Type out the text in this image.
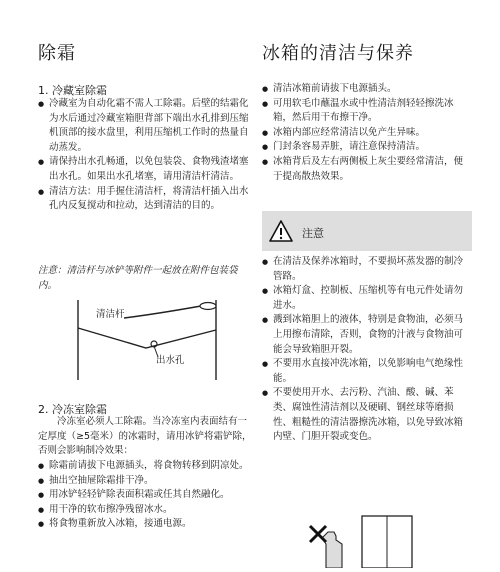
除霜
1. 冷藏室除霜
● 冷藏室为自动化霜不需人工除霜。后壁的结霜化为水后通过冷藏室箱胆背部下端出水孔排到压缩机顶部的接水盘里，利用压缩机工作时的热量自动蒸发。
● 请保持出水孔畅通，以免包装袋、食物残渣堵塞出水孔。如果出水孔堵塞，请用清洁杆清洁。
● 清洁方法：用手握住清洁杆，将清洁杆插入出水孔内反复搅动和拉动，达到清洁的目的。
注意：清洁杆与冰铲等附件一起放在附件包装袋内。
清洁杆
出水孔
2. 冷冻室除霜
冷冻室必须人工除霜。当冷冻室内表面结有一定厚度（≥5毫米）的冰霜时，请用冰铲将霜铲除，否则会影响制冷效果：
● 除霜前请拔下电源插头，将食物转移到阴凉处。
● 抽出空抽屉除霜排干净。
● 用冰铲轻轻铲除表面积霜或任其自然融化。
● 用干净的软布擦净残留冰水。
● 将食物重新放入冰箱，接通电源。
冰箱的清洁与保养
● 清洁冰箱前请拔下电源插头。
● 可用软毛巾蘸温水或中性清洁剂轻轻擦洗冰箱，然后用干布擦干净。
● 冰箱内部应经常清洁以免产生异味。
● 门封条容易弄脏，请注意保持清洁。
● 冰箱背后及左右两侧板上灰尘要经常清洁，便于提高散热效果。
注意
● 在清洁及保养冰箱时，不要损坏蒸发器的制冷管路。
● 冰箱灯盒、控制板、压缩机等有电元件处请勿进水。
● 溅到冰箱胆上的液体，特别是食物油，必须马上用擦布清除，否则，食物的汁液与食物油可能会导致箱胆开裂。
● 不要用水直接冲洗冰箱，以免影响电气绝缘性能。
● 不要使用开水、去污粉、汽油、酸、碱、苯类、腐蚀性清洁剂以及硬刷、钢丝球等磨损性、粗糙性的清洁器擦洗冰箱，以免导致冰箱内壁、门胆开裂或变色。
